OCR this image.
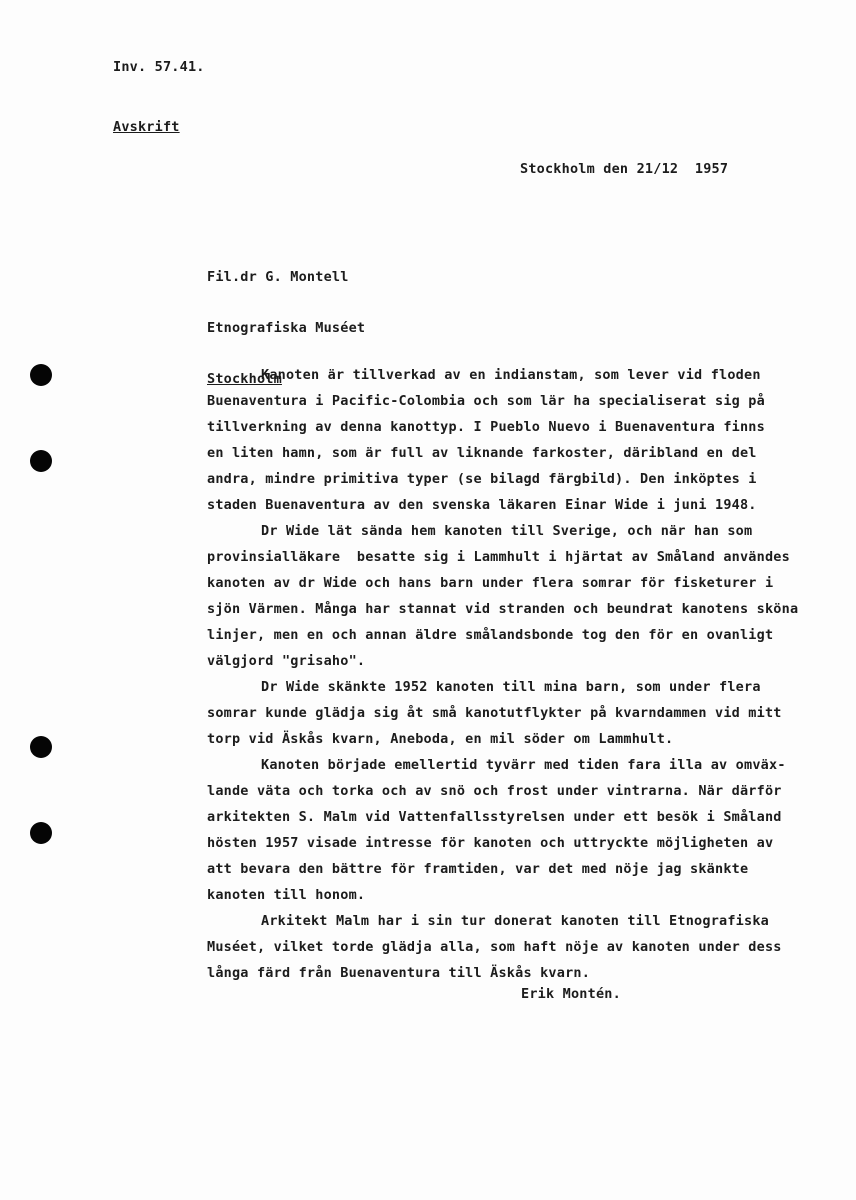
Inv. 57.41.
Avskrift
Stockholm den 21/12  1957

Fil.dr G. Montell

Etnografiska Muséet

Stockholm

Kanoten är tillverkad av en indianstam, som lever vid floden
Buenaventura i Pacific-Colombia och som lär ha specialiserat sig på
tillverkning av denna kanottyp. I Pueblo Nuevo i Buenaventura finns
en liten hamn, som är full av liknande farkoster, däribland en del
andra, mindre primitiva typer (se bilagd färgbild). Den inköptes i
staden Buenaventura av den svenska läkaren Einar Wide i juni 1948.
Dr Wide lät sända hem kanoten till Sverige, och när han som
provinsialläkare  besatte sig i Lammhult i hjärtat av Småland användes
kanoten av dr Wide och hans barn under flera somrar för fisketurer i
sjön Värmen. Många har stannat vid stranden och beundrat kanotens sköna
linjer, men en och annan äldre smålandsbonde tog den för en ovanligt
välgjord "grisaho".
Dr Wide skänkte 1952 kanoten till mina barn, som under flera
somrar kunde glädja sig åt små kanotutflykter på kvarndammen vid mitt
torp vid Äskås kvarn, Aneboda, en mil söder om Lammhult.
Kanoten började emellertid tyvärr med tiden fara illa av omväx-
lande väta och torka och av snö och frost under vintrarna. När därför
arkitekten S. Malm vid Vattenfallsstyrelsen under ett besök i Småland
hösten 1957 visade intresse för kanoten och uttryckte möjligheten av
att bevara den bättre för framtiden, var det med nöje jag skänkte
kanoten till honom.
Arkitekt Malm har i sin tur donerat kanoten till Etnografiska
Muséet, vilket torde glädja alla, som haft nöje av kanoten under dess
långa färd från Buenaventura till Äskås kvarn.
Erik Montén.
